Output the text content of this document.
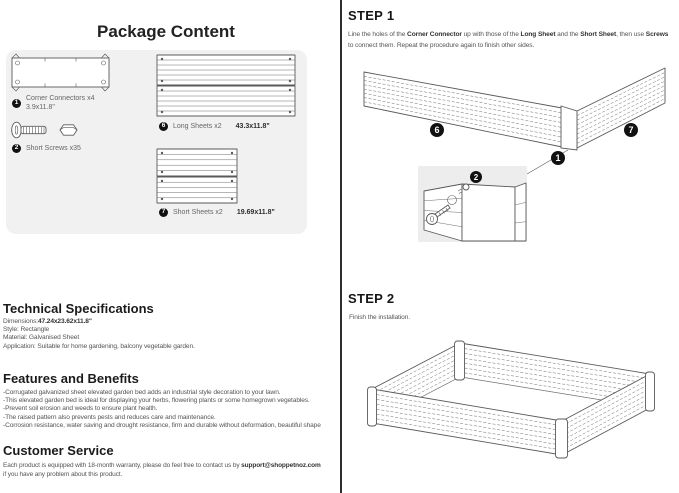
Package Content
1
Corner Connectors x4
3.9x11.8"
2	Short Screws x35
6	Long Sheets x2 43.3x11.8"
7	Short Sheets x2 19.69x11.8"
Technical Specifications
Dimensions:47.24x23.62x11.8"
Style: Rectangle
Material: Galvanised Sheet
Application: Suitable for home gardening, balcony vegetable garden.
Features and Benefits
-Corrugated galvanized sheet elevated garden bed adds an industrial style decoration to your lawn.
-This elevated garden bed is ideal for displaying your herbs, flowering plants or some homegrown vegetables.
-Prevent soil erosion and weeds to ensure plant health.
-The raised pattern also prevents pests and reduces care and maintenance.
-Corrosion resistance, water saving and drought resistance, firm and durable without deformation, beautiful shape
Customer Service
Each product is equipped with 18-month warranty, please do feel free to contact us by support@shoppetnoz.com
if you have any problem about this product.
STEP 1
Line the holes of the Corner Connector up with those of the Long Sheet and the Short Sheet, then use Screws
to connect them. Repeat the procedure again to finish other sides.
2
6	7
1
STEP 2
Finish the installation.
